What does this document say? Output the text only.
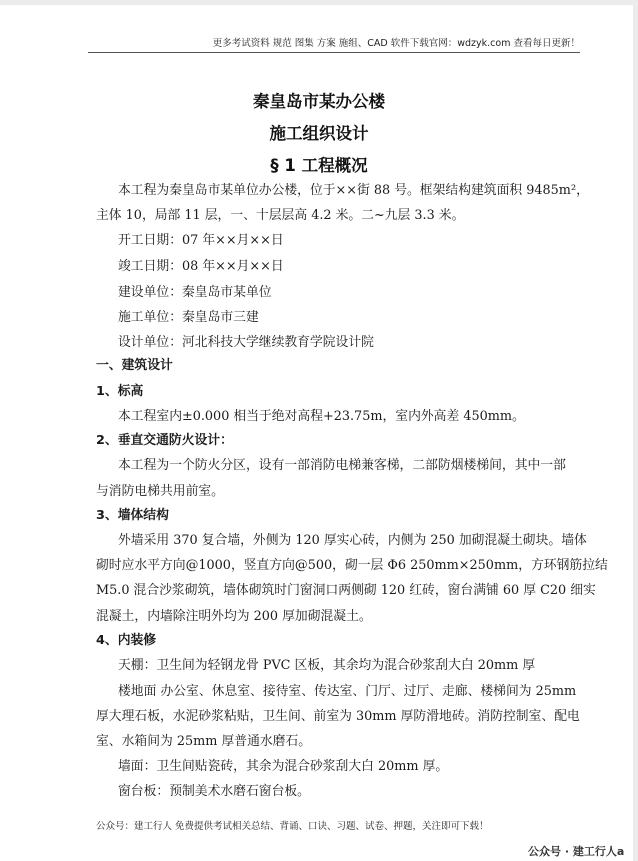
更多考试资料 规范 图集 方案 施组、CAD 软件下载官网：wdzyk.com 查看每日更新！
秦皇岛市某办公楼
施工组织设计
§ 1 工程概况
本工程为秦皇岛市某单位办公楼，位于××街 88 号。框架结构建筑面积 9485m²，
主体 10，局部 11 层，一、十层层高 4.2 米。二~九层 3.3 米。
开工日期：07 年××月××日
竣工日期：08 年××月××日
建设单位：秦皇岛市某单位
施工单位：秦皇岛市三建
设计单位：河北科技大学继续教育学院设计院
一、建筑设计
1、标高
本工程室内±0.000 相当于绝对高程+23.75m，室内外高差 450mm。
2、垂直交通防火设计：
本工程为一个防火分区，设有一部消防电梯兼客梯，二部防烟楼梯间，其中一部
与消防电梯共用前室。
3、墙体结构
外墙采用 370 复合墙，外侧为 120 厚实心砖，内侧为 250 加砌混凝土砌块。墙体
砌时应水平方向@1000，竖直方向@500，砌一层 Φ6 250mm×250mm，方环钢筋拉结
M5.0 混合沙浆砌筑，墙体砌筑时门窗洞口两侧砌 120 红砖，窗台满铺 60 厚 C20 细实
混凝土，内墙除注明外均为 200 厚加砌混凝土。
4、内装修
天棚：卫生间为轻钢龙骨 PVC 区板，其余均为混合砂浆刮大白 20mm 厚
楼地面 办公室、休息室、接待室、传达室、门厅、过厅、走廊、楼梯间为 25mm
厚大理石板，水泥砂浆粘贴，卫生间、前室为 30mm 厚防滑地砖。消防控制室、配电
室、水箱间为 25mm 厚普通水磨石。
墙面：卫生间贴瓷砖，其余为混合砂浆刮大白 20mm 厚。
窗台板：预制美术水磨石窗台板。
公众号：建工行人 免费提供考试相关总结、背诵、口诀、习题、试卷、押题，关注即可下载！
公众号 · 建工行人a
